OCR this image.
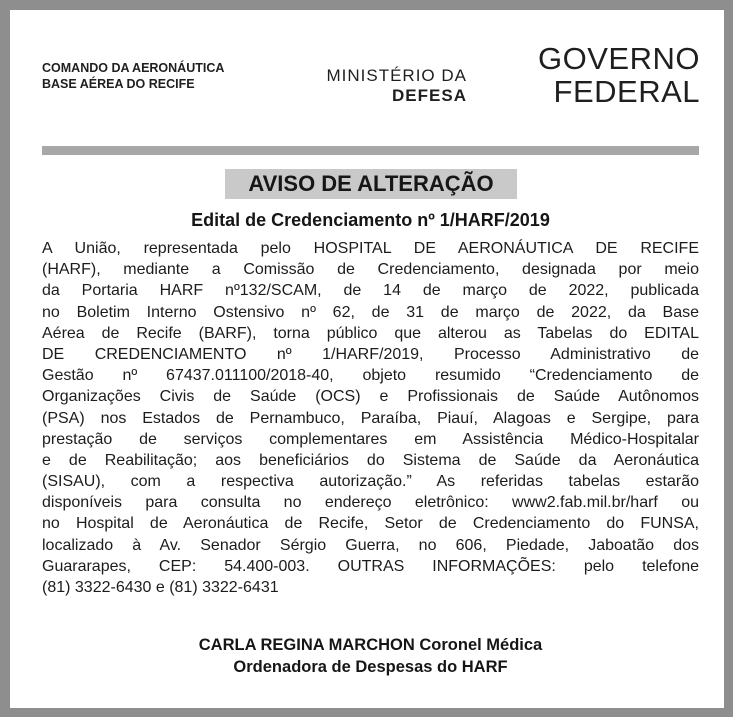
COMANDO DA AERONÁUTICA
BASE AÉREA DO RECIFE	MINISTÉRIO DA
DEFESA
GOVERNO
FEDERAL
AVISO DE ALTERAÇÃO
Edital de Credenciamento nº 1/HARF/2019
A União, representada pelo HOSPITAL DE AERONÁUTICA DE RECIFE
(HARF), mediante a Comissão de Credenciamento, designada por meio
da Portaria HARF nº132/SCAM, de 14 de março de 2022, publicada
no Boletim Interno Ostensivo nº 62, de 31 de março de 2022, da Base
Aérea de Recife (BARF), torna público que alterou as Tabelas do EDITAL
DE CREDENCIAMENTO nº 1/HARF/2019, Processo Administrativo de
Gestão nº 67437.011100/2018-40, objeto resumido “Credenciamento de
Organizações Civis de Saúde (OCS) e Profissionais de Saúde Autônomos
(PSA) nos Estados de Pernambuco, Paraíba, Piauí, Alagoas e Sergipe, para
prestação de serviços complementares em Assistência Médico-Hospitalar
e de Reabilitação; aos beneficiários do Sistema de Saúde da Aeronáutica
(SISAU), com a respectiva autorização.” As referidas tabelas estarão
disponíveis para consulta no endereço eletrônico: www2.fab.mil.br/harf ou
no Hospital de Aeronáutica de Recife, Setor de Credenciamento do FUNSA,
localizado à Av. Senador Sérgio Guerra, no 606, Piedade, Jaboatão dos
Guararapes, CEP: 54.400-003. OUTRAS INFORMAÇÕES: pelo telefone
(81) 3322-6430 e (81) 3322-6431
CARLA REGINA MARCHON Coronel Médica
Ordenadora de Despesas do HARF
